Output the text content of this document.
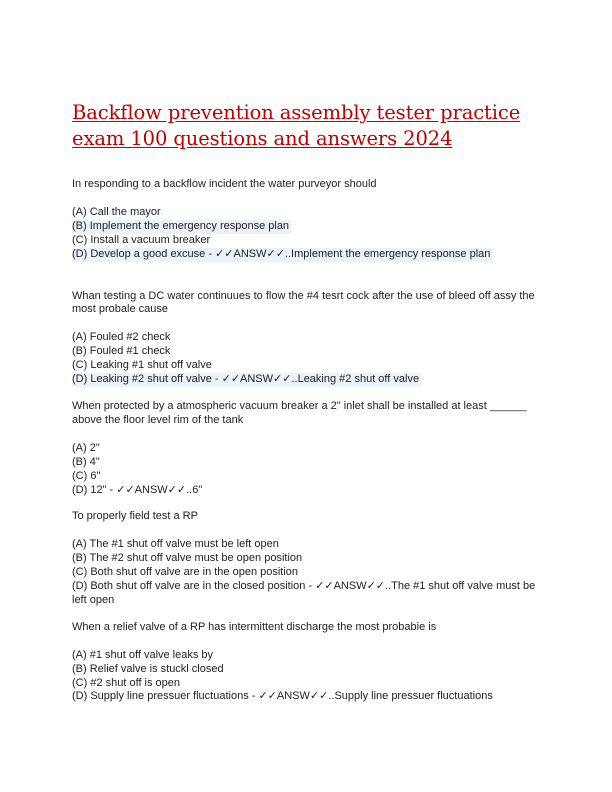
Backflow prevention assembly tester practice exam 100 questions and answers 2024

In responding to a backflow incident the water purveyor should

(A) Call the mayor
(B) Implement the emergency response plan
(C) Install a vacuum breaker
(D) Develop a good excuse - ✓✓ANSW✓✓..Implement the emergency response plan

Whan testing a DC water continuues to flow the #4 tesrt cock after the use of bleed off assy the most probale cause

(A) Fouled #2 check
(B) Fouled #1 check
(C) Leaking #1 shut off valve
(D) Leaking #2 shut off valve - ✓✓ANSW✓✓..Leaking #2 shut off valve

When protected by a atmospheric vacuum breaker a 2" inlet shall be installed at least ______ above the floor level rim of the tank

(A) 2"
(B) 4"
(C) 6"
(D) 12" - ✓✓ANSW✓✓..6"

To properly field test a RP

(A) The #1 shut off valve must be left open
(B) The #2 shut off valve must be open position
(C) Both shut off valve are in the open position
(D) Both shut off valve are in the closed position - ✓✓ANSW✓✓..The #1 shut off valve must be left open

When a relief valve of a RP has intermittent discharge the most probabie is

(A) #1 shut off valve leaks by
(B) Relief valve is stuckl closed
(C) #2 shut off is open
(D) Supply line pressuer fluctuations - ✓✓ANSW✓✓..Supply line pressuer fluctuations
